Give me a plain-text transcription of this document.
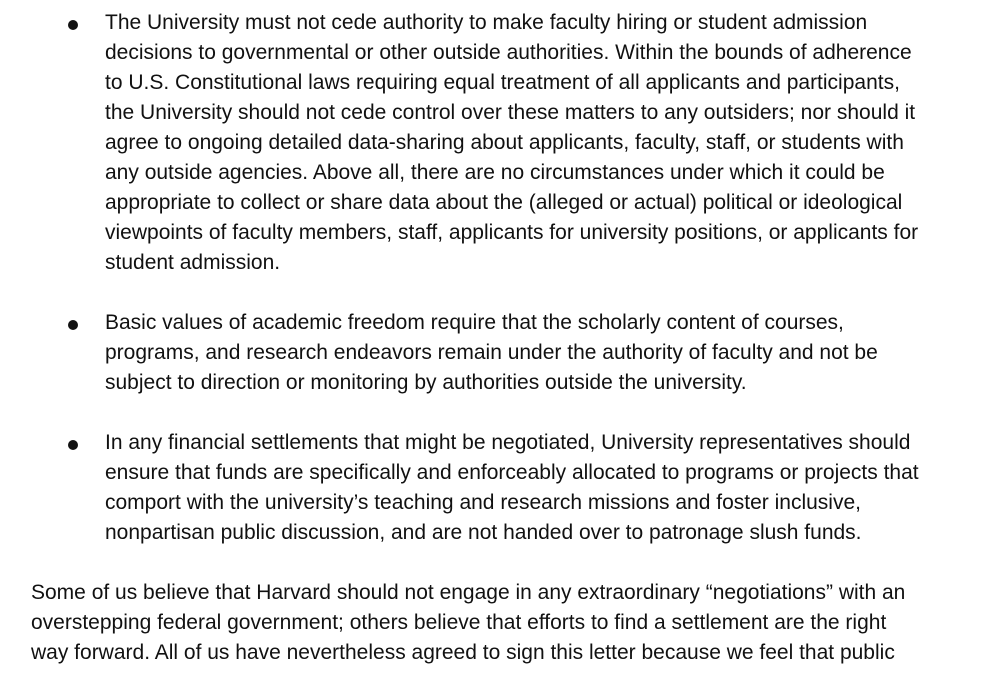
The University must not cede authority to make faculty hiring or student admission
decisions to governmental or other outside authorities. Within the bounds of adherence
to U.S. Constitutional laws requiring equal treatment of all applicants and participants,
the University should not cede control over these matters to any outsiders; nor should it
agree to ongoing detailed data-sharing about applicants, faculty, staff, or students with
any outside agencies. Above all, there are no circumstances under which it could be
appropriate to collect or share data about the (alleged or actual) political or ideological
viewpoints of faculty members, staff, applicants for university positions, or applicants for
student admission.

Basic values of academic freedom require that the scholarly content of courses,
programs, and research endeavors remain under the authority of faculty and not be
subject to direction or monitoring by authorities outside the university.

In any financial settlements that might be negotiated, University representatives should
ensure that funds are specifically and enforceably allocated to programs or projects that
comport with the university’s teaching and research missions and foster inclusive,
nonpartisan public discussion, and are not handed over to patronage slush funds.

Some of us believe that Harvard should not engage in any extraordinary “negotiations” with an
overstepping federal government; others believe that efforts to find a settlement are the right
way forward. All of us have nevertheless agreed to sign this letter because we feel that public
